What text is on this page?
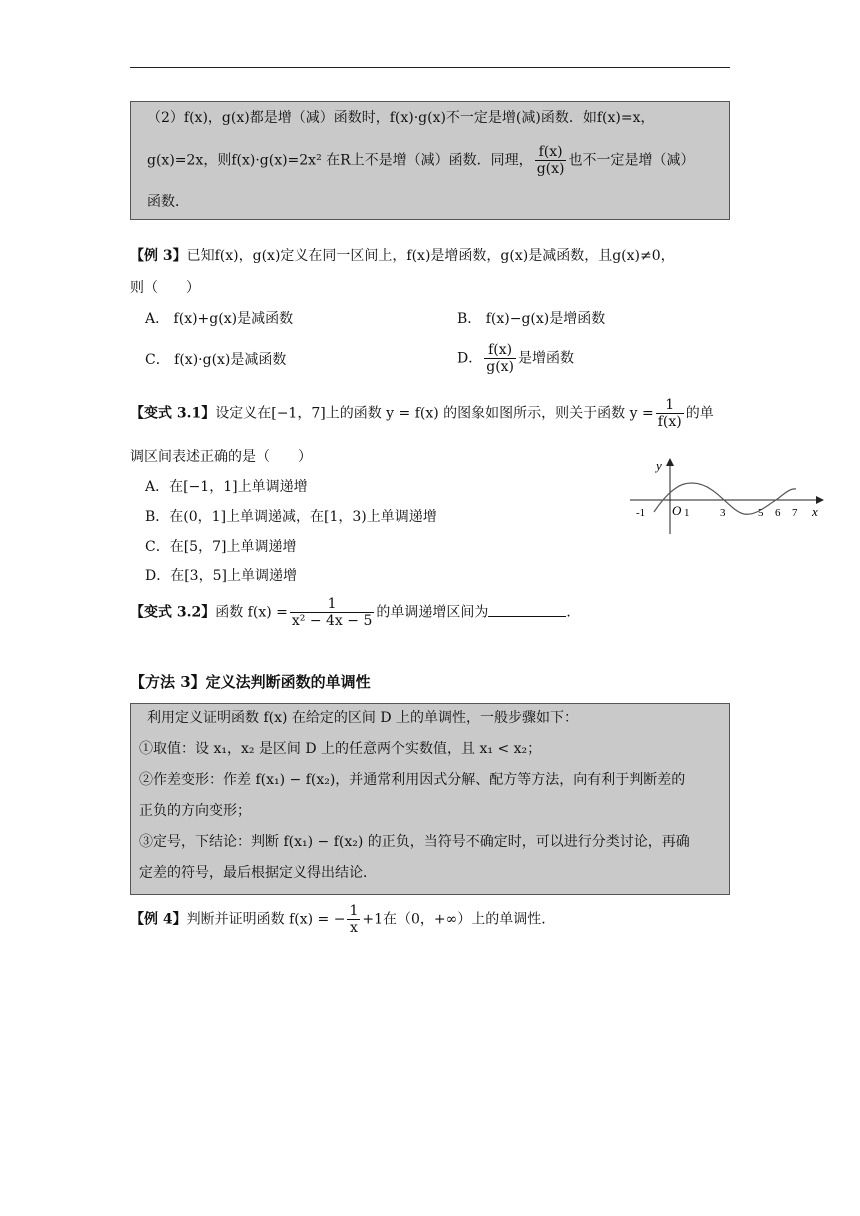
（2）f(x)，g(x)都是增（减）函数时，f(x)·g(x)不一定是增(减)函数．如f(x)=x，
g(x)=2x，则f(x)·g(x)=2x² 在R上不是增（减）函数．同理， $\frac{f(x)}{g(x)}$ 也不一定是增（减）
函数．
【例 3】已知f(x)，g(x)定义在同一区间上，f(x)是增函数，g(x)是减函数，且g(x)≠0，
则（　　）
A． f(x)+g(x)是减函数	B． f(x)−g(x)是增函数
C． f(x)·g(x)是减函数	D． $\frac{f(x)}{g(x)}$ 是增函数
【变式 3.1】设定义在[−1，7]上的函数 y = f(x) 的图象如图所示，则关于函数 $y = \frac{1}{f(x)}$ 的单
调区间表述正确的是（　　）
A．在[−1，1]上单调递增
B．在(0，1]上单调递减，在[1，3)上单调递增
C．在[5，7]上单调递增
D．在[3，5]上单调递增
y
x
O
-1	1	3	5 6 7
【变式 3.2】函数 $f(x) = \frac{1}{\text{x² − 4x − 5}}$ 的单调递增区间为	．
【方法 3】定义法判断函数的单调性
利用定义证明函数 f(x) 在给定的区间 D 上的单调性，一般步骤如下：
①取值：设 x₁，x₂ 是区间 D 上的任意两个实数值，且 x₁ < x₂；
②作差变形：作差 f(x₁) − f(x₂)，并通常利用因式分解、配方等方法，向有利于判断差的
正负的方向变形；
③定号，下结论：判断 f(x₁) − f(x₂) 的正负，当符号不确定时，可以进行分类讨论，再确
定差的符号，最后根据定义得出结论．
【例 4】判断并证明函数 f(x) = − $\frac{1}{x} +1$在（0，+∞）上的单调性．
